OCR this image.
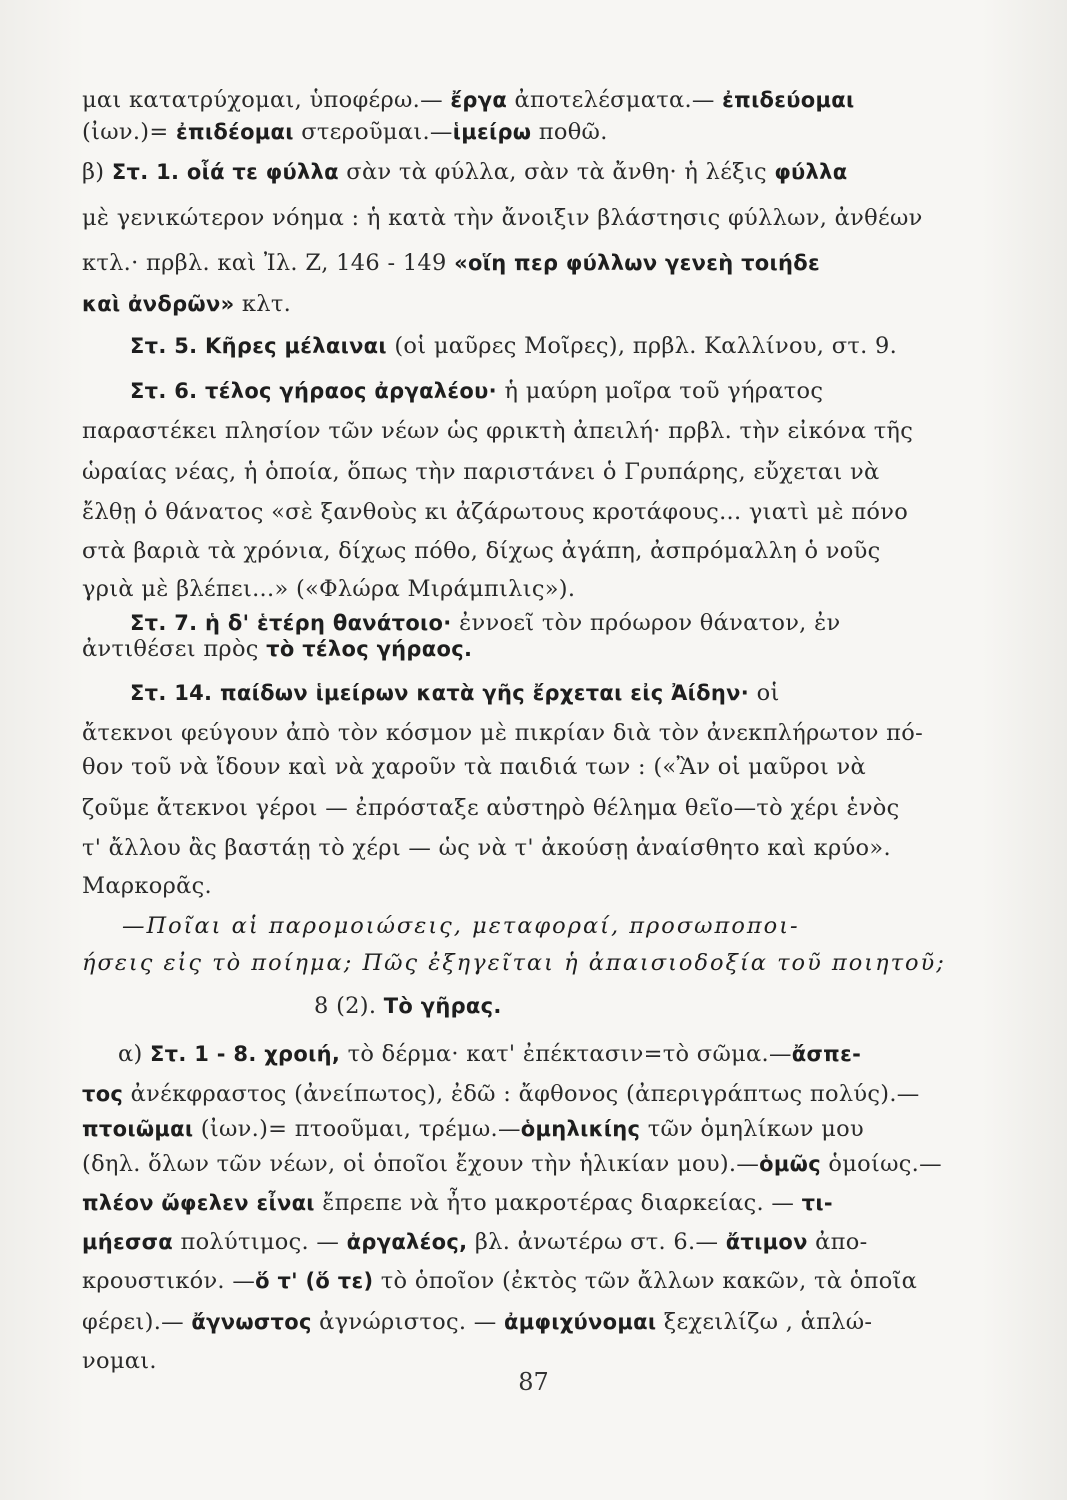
μαι κατατρύχομαι, ὑποφέρω.— ἔργα ἀποτελέσματα.— ἐπιδεύομαι
(ἰων.)= ἐπιδέομαι στεροῦμαι.—ἱμείρω ποθῶ.
β) Στ. 1. οἷά τε φύλλα σὰν τὰ φύλλα, σὰν τὰ ἄνθη· ἡ λέξις φύλλα
μὲ γενικώτερον νόημα : ἡ κατὰ τὴν ἄνοιξιν βλάστησις φύλλων, ἀνθέων
κτλ.· πρβλ. καὶ Ἰλ. Ζ, 146 - 149 «οἵη περ φύλλων γενεὴ τοιήδε
καὶ ἀνδρῶν» κλτ.
Στ. 5. Κῆρες μέλαιναι (οἱ μαῦρες Μοῖρες), πρβλ. Καλλίνου, στ. 9.
Στ. 6. τέλος γήραος ἀργαλέου· ἡ μαύρη μοῖρα τοῦ γήρατος
παραστέκει πλησίον τῶν νέων ὡς φρικτὴ ἀπειλή· πρβλ. τὴν εἰκόνα τῆς
ὡραίας νέας, ἡ ὁποία, ὅπως τὴν παριστάνει ὁ Γρυπάρης, εὔχεται νὰ
ἔλθῃ ὁ θάνατος «σὲ ξανθοὺς κι ἀζάρωτους κροτάφους... γιατὶ μὲ πόνο
στὰ βαριὰ τὰ χρόνια, δίχως πόθο, δίχως ἀγάπη, ἀσπρόμαλλη ὁ νοῦς
γριὰ μὲ βλέπει...» («Φλώρα Μιράμπιλις»).
Στ. 7. ἡ δ' ἑτέρη θανάτοιο· ἐννοεῖ τὸν πρόωρον θάνατον, ἐν
ἀντιθέσει πρὸς τὸ τέλος γήραος.
Στ. 14. παίδων ἱμείρων κατὰ γῆς ἔρχεται εἰς Ἀίδην· οἱ
ἄτεκνοι φεύγουν ἀπὸ τὸν κόσμον μὲ πικρίαν διὰ τὸν ἀνεκπλήρωτον πό-
θον τοῦ νὰ ἴδουν καὶ νὰ χαροῦν τὰ παιδιά των : («Ἂν οἱ μαῦροι νὰ
ζοῦμε ἄτεκνοι γέροι — ἐπρόσταξε αὐστηρὸ θέλημα θεῖο—τὸ χέρι ἑνὸς
τ' ἄλλου ἂς βαστάῃ τὸ χέρι — ὡς νὰ τ' ἀκούσῃ ἀναίσθητο καὶ κρύο».
Μαρκορᾶς.
—Ποῖαι αἱ παρομοιώσεις, μεταφοραί, προσωποποι-
ήσεις εἰς τὸ ποίημα; Πῶς ἐξηγεῖται ἡ ἀπαισιοδοξία τοῦ ποιητοῦ;
8 (2). Τὸ γῆρας.
α) Στ. 1 - 8. χροιή, τὸ δέρμα· κατ' ἐπέκτασιν=τὸ σῶμα.—ἄσπε-
τος ἀνέκφραστος (ἀνείπωτος), ἐδῶ : ἄφθονος (ἀπεριγράπτως πολύς).—
πτοιῶμαι (ἰων.)= πτοοῦμαι, τρέμω.—ὁμηλικίης τῶν ὁμηλίκων μου
(δηλ. ὅλων τῶν νέων, οἱ ὁποῖοι ἔχουν τὴν ἡλικίαν μου).—ὁμῶς ὁμοίως.—
πλέον ὤφελεν εἶναι ἔπρεπε νὰ ἦτο μακροτέρας διαρκείας. — τι-
μήεσσα πολύτιμος. — ἀργαλέος, βλ. ἀνωτέρω στ. 6.— ἄτιμον ἀπο-
κρουστικόν. —ὅ τ' (ὅ τε) τὸ ὁποῖον (ἐκτὸς τῶν ἄλλων κακῶν, τὰ ὁποῖα
φέρει).— ἄγνωστος ἀγνώριστος. — ἀμφιχύνομαι ξεχειλίζω , ἁπλώ-
νομαι.
87
